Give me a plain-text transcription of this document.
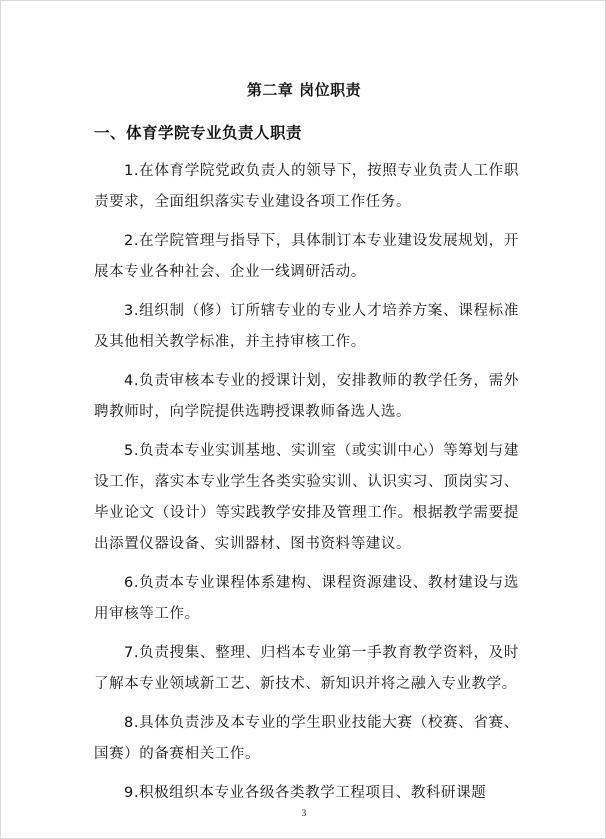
第二章 岗位职责
一、体育学院专业负责人职责

1.在体育学院党政负责人的领导下，按照专业负责人工作职责要求，全面组织落实专业建设各项工作任务。

2.在学院管理与指导下，具体制订本专业建设发展规划，开展本专业各种社会、企业一线调研活动。

3.组织制（修）订所辖专业的专业人才培养方案、课程标准及其他相关教学标准，并主持审核工作。

4.负责审核本专业的授课计划，安排教师的教学任务，需外聘教师时，向学院提供选聘授课教师备选人选。

5.负责本专业实训基地、实训室（或实训中心）等筹划与建设工作，落实本专业学生各类实验实训、认识实习、顶岗实习、毕业论文（设计）等实践教学安排及管理工作。根据教学需要提出添置仪器设备、实训器材、图书资料等建议。

6.负责本专业课程体系建构、课程资源建设、教材建设与选用审核等工作。

7.负责搜集、整理、归档本专业第一手教育教学资料，及时了解本专业领域新工艺、新技术、新知识并将之融入专业教学。

8.具体负责涉及本专业的学生职业技能大赛（校赛、省赛、国赛）的备赛相关工作。

9.积极组织本专业各级各类教学工程项目、教科研课题

3
